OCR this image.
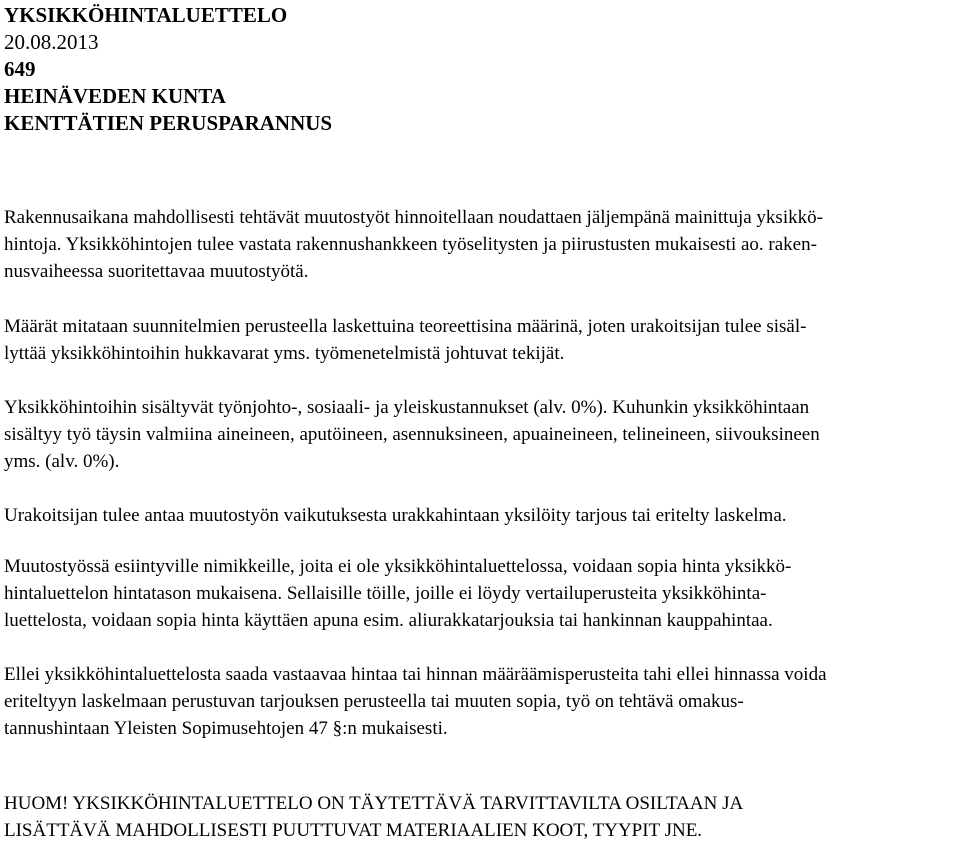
YKSIKKÖHINTALUETTELO
20.08.2013
649
HEINÄVEDEN KUNTA
KENTTÄTIEN PERUSPARANNUS
Rakennusaikana mahdollisesti tehtävät muutostyöt hinnoitellaan noudattaen jäljempänä mainittuja yksikkö-
hintoja. Yksikköhintojen tulee vastata rakennushankkeen työselitysten ja piirustusten mukaisesti ao. raken-
nusvaiheessa suoritettavaa muutostyötä.
Määrät mitataan suunnitelmien perusteella laskettuina teoreettisina määrinä, joten urakoitsijan tulee sisäl-
lyttää yksikköhintoihin hukkavarat yms. työmenetelmistä johtuvat tekijät.
Yksikköhintoihin sisältyvät työnjohto-, sosiaali- ja yleiskustannukset (alv. 0%). Kuhunkin yksikköhintaan
sisältyy työ täysin valmiina aineineen, aputöineen, asennuksineen, apuaineineen, telineineen, siivouksineen
yms. (alv. 0%).
Urakoitsijan tulee antaa muutostyön vaikutuksesta urakkahintaan yksilöity tarjous tai eritelty laskelma.
Muutostyössä esiintyville nimikkeille, joita ei ole yksikköhintaluettelossa, voidaan sopia hinta yksikkö-
hintaluettelon hintatason mukaisena. Sellaisille töille, joille ei löydy vertailuperusteita yksikköhinta-
luettelosta, voidaan sopia hinta käyttäen apuna esim. aliurakkatarjouksia tai hankinnan kauppahintaa.
Ellei yksikköhintaluettelosta saada vastaavaa hintaa tai hinnan määräämisperusteita tahi ellei hinnassa voida
eriteltyyn laskelmaan perustuvan tarjouksen perusteella tai muuten sopia, työ on tehtävä omakus-
tannushintaan Yleisten Sopimusehtojen 47 §:n mukaisesti.
HUOM! YKSIKKÖHINTALUETTELO ON TÄYTETTÄVÄ TARVITTAVILTA OSILTAAN JA
LISÄTTÄVÄ MAHDOLLISESTI PUUTTUVAT MATERIAALIEN KOOT, TYYPIT JNE.
